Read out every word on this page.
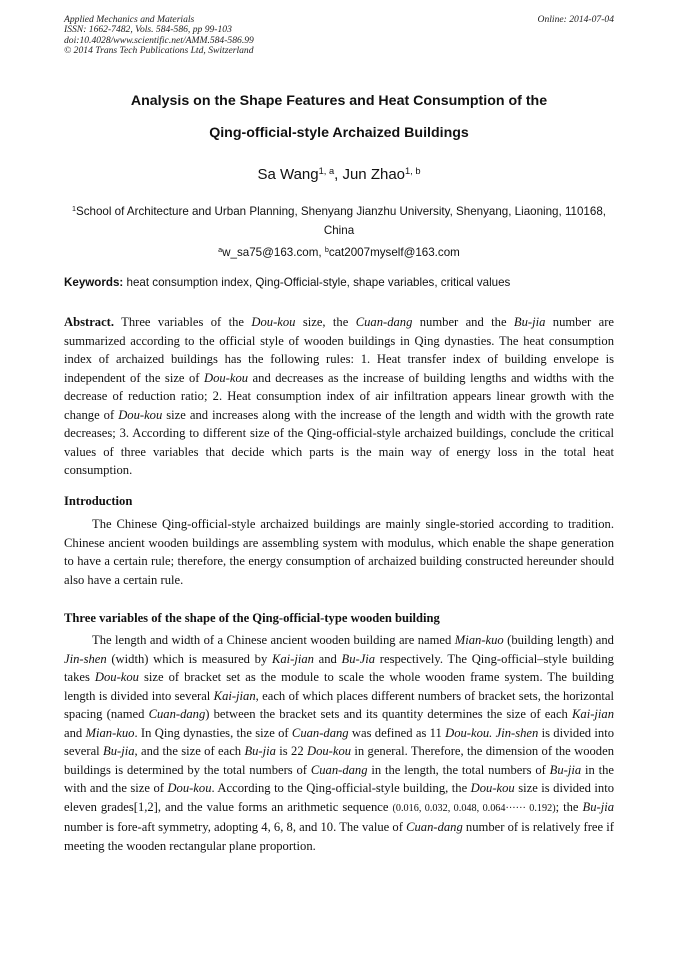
Applied Mechanics and Materials
ISSN: 1662-7482, Vols. 584-586, pp 99-103
doi:10.4028/www.scientific.net/AMM.584-586.99
© 2014 Trans Tech Publications Ltd, Switzerland
Online: 2014-07-04
Analysis on the Shape Features and Heat Consumption of the
Qing-official-style Archaized Buildings
Sa Wang$^{1, a}$, Jun Zhao$^{1, b}$
$^1$School of Architecture and Urban Planning, Shenyang Jianzhu University, Shenyang, Liaoning, 110168, China
$^a$w_sa75@163.com, $^b$cat2007myself@163.com
Keywords: heat consumption index, Qing-Official-style, shape variables, critical values
Abstract. Three variables of the Dou-kou size, the Cuan-dang number and the Bu-jia number are summarized according to the official style of wooden buildings in Qing dynasties. The heat consumption index of archaized buildings has the following rules: 1. Heat transfer index of building envelope is independent of the size of Dou-kou and decreases as the increase of building lengths and widths with the decrease of reduction ratio; 2. Heat consumption index of air infiltration appears linear growth with the change of Dou-kou size and increases along with the increase of the length and width with the growth rate decreases; 3. According to different size of the Qing-official-style archaized buildings, conclude the critical values of three variables that decide which parts is the main way of energy loss in the total heat consumption.
Introduction
The Chinese Qing-official-style archaized buildings are mainly single-storied according to tradition. Chinese ancient wooden buildings are assembling system with modulus, which enable the shape generation to have a certain rule; therefore, the energy consumption of archaized building constructed hereunder should also have a certain rule.
Three variables of the shape of the Qing-official-type wooden building
The length and width of a Chinese ancient wooden building are named Mian-kuo (building length) and Jin-shen (width) which is measured by Kai-jian and Bu-Jia respectively. The Qing-official–style building takes Dou-kou size of bracket set as the module to scale the whole wooden frame system. The building length is divided into several Kai-jian, each of which places different numbers of bracket sets, the horizontal spacing (named Cuan-dang) between the bracket sets and its quantity determines the size of each Kai-jian and Mian-kuo. In Qing dynasties, the size of Cuan-dang was defined as 11 Dou-kou. Jin-shen is divided into several Bu-jia, and the size of each Bu-jia is 22 Dou-kou in general. Therefore, the dimension of the wooden buildings is determined by the total numbers of Cuan-dang in the length, the total numbers of Bu-jia in the with and the size of Dou-kou. According to the Qing-official-style building, the Dou-kou size is divided into eleven grades[1,2], and the value forms an arithmetic sequence (0.016, 0.032, 0.048, 0.064······ 0.192); the Bu-jia number is fore-aft symmetry, adopting 4, 6, 8, and 10. The value of Cuan-dang number of is relatively free if meeting the wooden rectangular plane proportion.
